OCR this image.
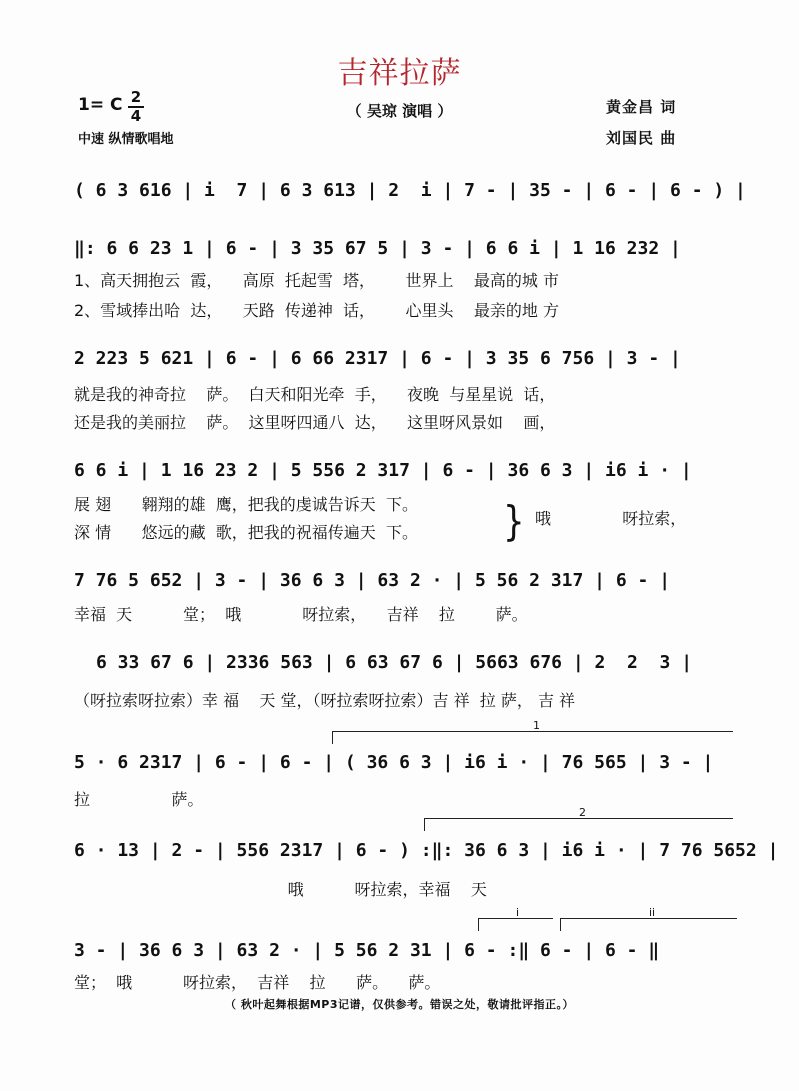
吉祥拉萨
1= C 2
4
中速 纵情歌唱地
（ 吴琼 演唱 ）	黄金昌 词
刘国民 曲
( 6 3 616 | i  7 | 6 3 613 | 2  i | 7 - | 35 - | 6 - | 6 - ) |
‖: 6 6 23 1 | 6 - | 3 35 67 5 | 3 - | 6 6 i | 1 16 232 |
1、高天拥抱云  霞，    高原  托起雪  塔，      世界上    最高的城 市
2、雪域捧出哈  达，    天路  传递神  话，      心里头    最亲的地 方
2 223 5 621 | 6 - | 6 66 2317 | 6 - | 3 35 6 756 | 3 - |
就是我的神奇拉    萨。  白天和阳光牵  手，    夜晚  与星星说  话，
还是我的美丽拉    萨。  这里呀四通八  达，    这里呀风景如    画，
6 6 i | 1 16 23 2 | 5 556 2 317 | 6 - | 36 6 3 | i6 i · |
展 翅      翱翔的雄  鹰，把我的虔诚告诉天  下。
深 情      悠远的藏  歌，把我的祝福传遍天  下。	} 哦              呀拉索，
7 76 5 652 | 3 - | 36 6 3 | 63 2 · | 5 56 2 317 | 6 - |
幸福  天          堂；  哦            呀拉索，    吉祥    拉        萨。
6 33 67 6 | 2336 563 | 6 63 67 6 | 5663 676 | 2  2  3 |
（呀拉索呀拉索）幸 福    天 堂，（呀拉索呀拉索）吉 祥  拉 萨， 吉 祥
1
5 · 6 2317 | 6 - | 6 - | ( 36 6 3 | i6 i · | 76 565 | 3 - |
拉                萨。
2
6 · 13 | 2 - | 556 2317 | 6 - ) :‖: 36 6 3 | i6 i · | 7 76 5652 |
哦          呀拉索，幸福    天
i	ii
3 - | 36 6 3 | 63 2 · | 5 56 2 31 | 6 - :‖ 6 - | 6 - ‖
堂；  哦          呀拉索，  吉祥    拉      萨。    萨。
（ 秋叶起舞根据MP3记谱，仅供参考。错误之处，敬请批评指正。）
